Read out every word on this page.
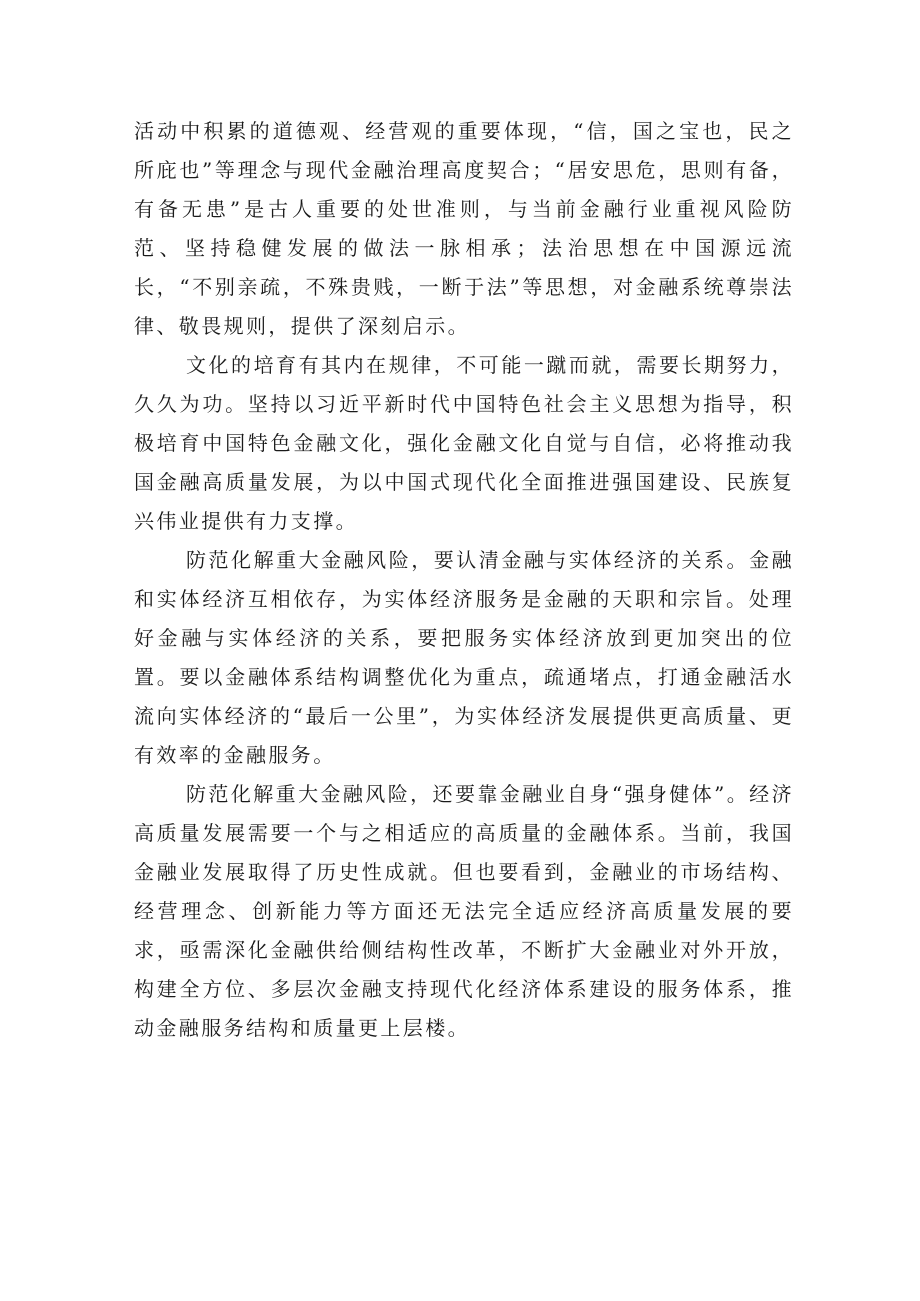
活动中积累的道德观、经营观的重要体现，“信，国之宝也，民之所庇也”等理念与现代金融治理高度契合；“居安思危，思则有备，有备无患”是古人重要的处世准则，与当前金融行业重视风险防范、坚持稳健发展的做法一脉相承；法治思想在中国源远流长，“不别亲疏，不殊贵贱，一断于法”等思想，对金融系统尊崇法律、敬畏规则，提供了深刻启示。

文化的培育有其内在规律，不可能一蹴而就，需要长期努力，久久为功。坚持以习近平新时代中国特色社会主义思想为指导，积极培育中国特色金融文化，强化金融文化自觉与自信，必将推动我国金融高质量发展，为以中国式现代化全面推进强国建设、民族复兴伟业提供有力支撑。

防范化解重大金融风险，要认清金融与实体经济的关系。金融和实体经济互相依存，为实体经济服务是金融的天职和宗旨。处理好金融与实体经济的关系，要把服务实体经济放到更加突出的位置。要以金融体系结构调整优化为重点，疏通堵点，打通金融活水流向实体经济的“最后一公里”，为实体经济发展提供更高质量、更有效率的金融服务。

防范化解重大金融风险，还要靠金融业自身“强身健体”。经济高质量发展需要一个与之相适应的高质量的金融体系。当前，我国金融业发展取得了历史性成就。但也要看到，金融业的市场结构、经营理念、创新能力等方面还无法完全适应经济高质量发展的要求，亟需深化金融供给侧结构性改革，不断扩大金融业对外开放，构建全方位、多层次金融支持现代化经济体系建设的服务体系，推动金融服务结构和质量更上层楼。
